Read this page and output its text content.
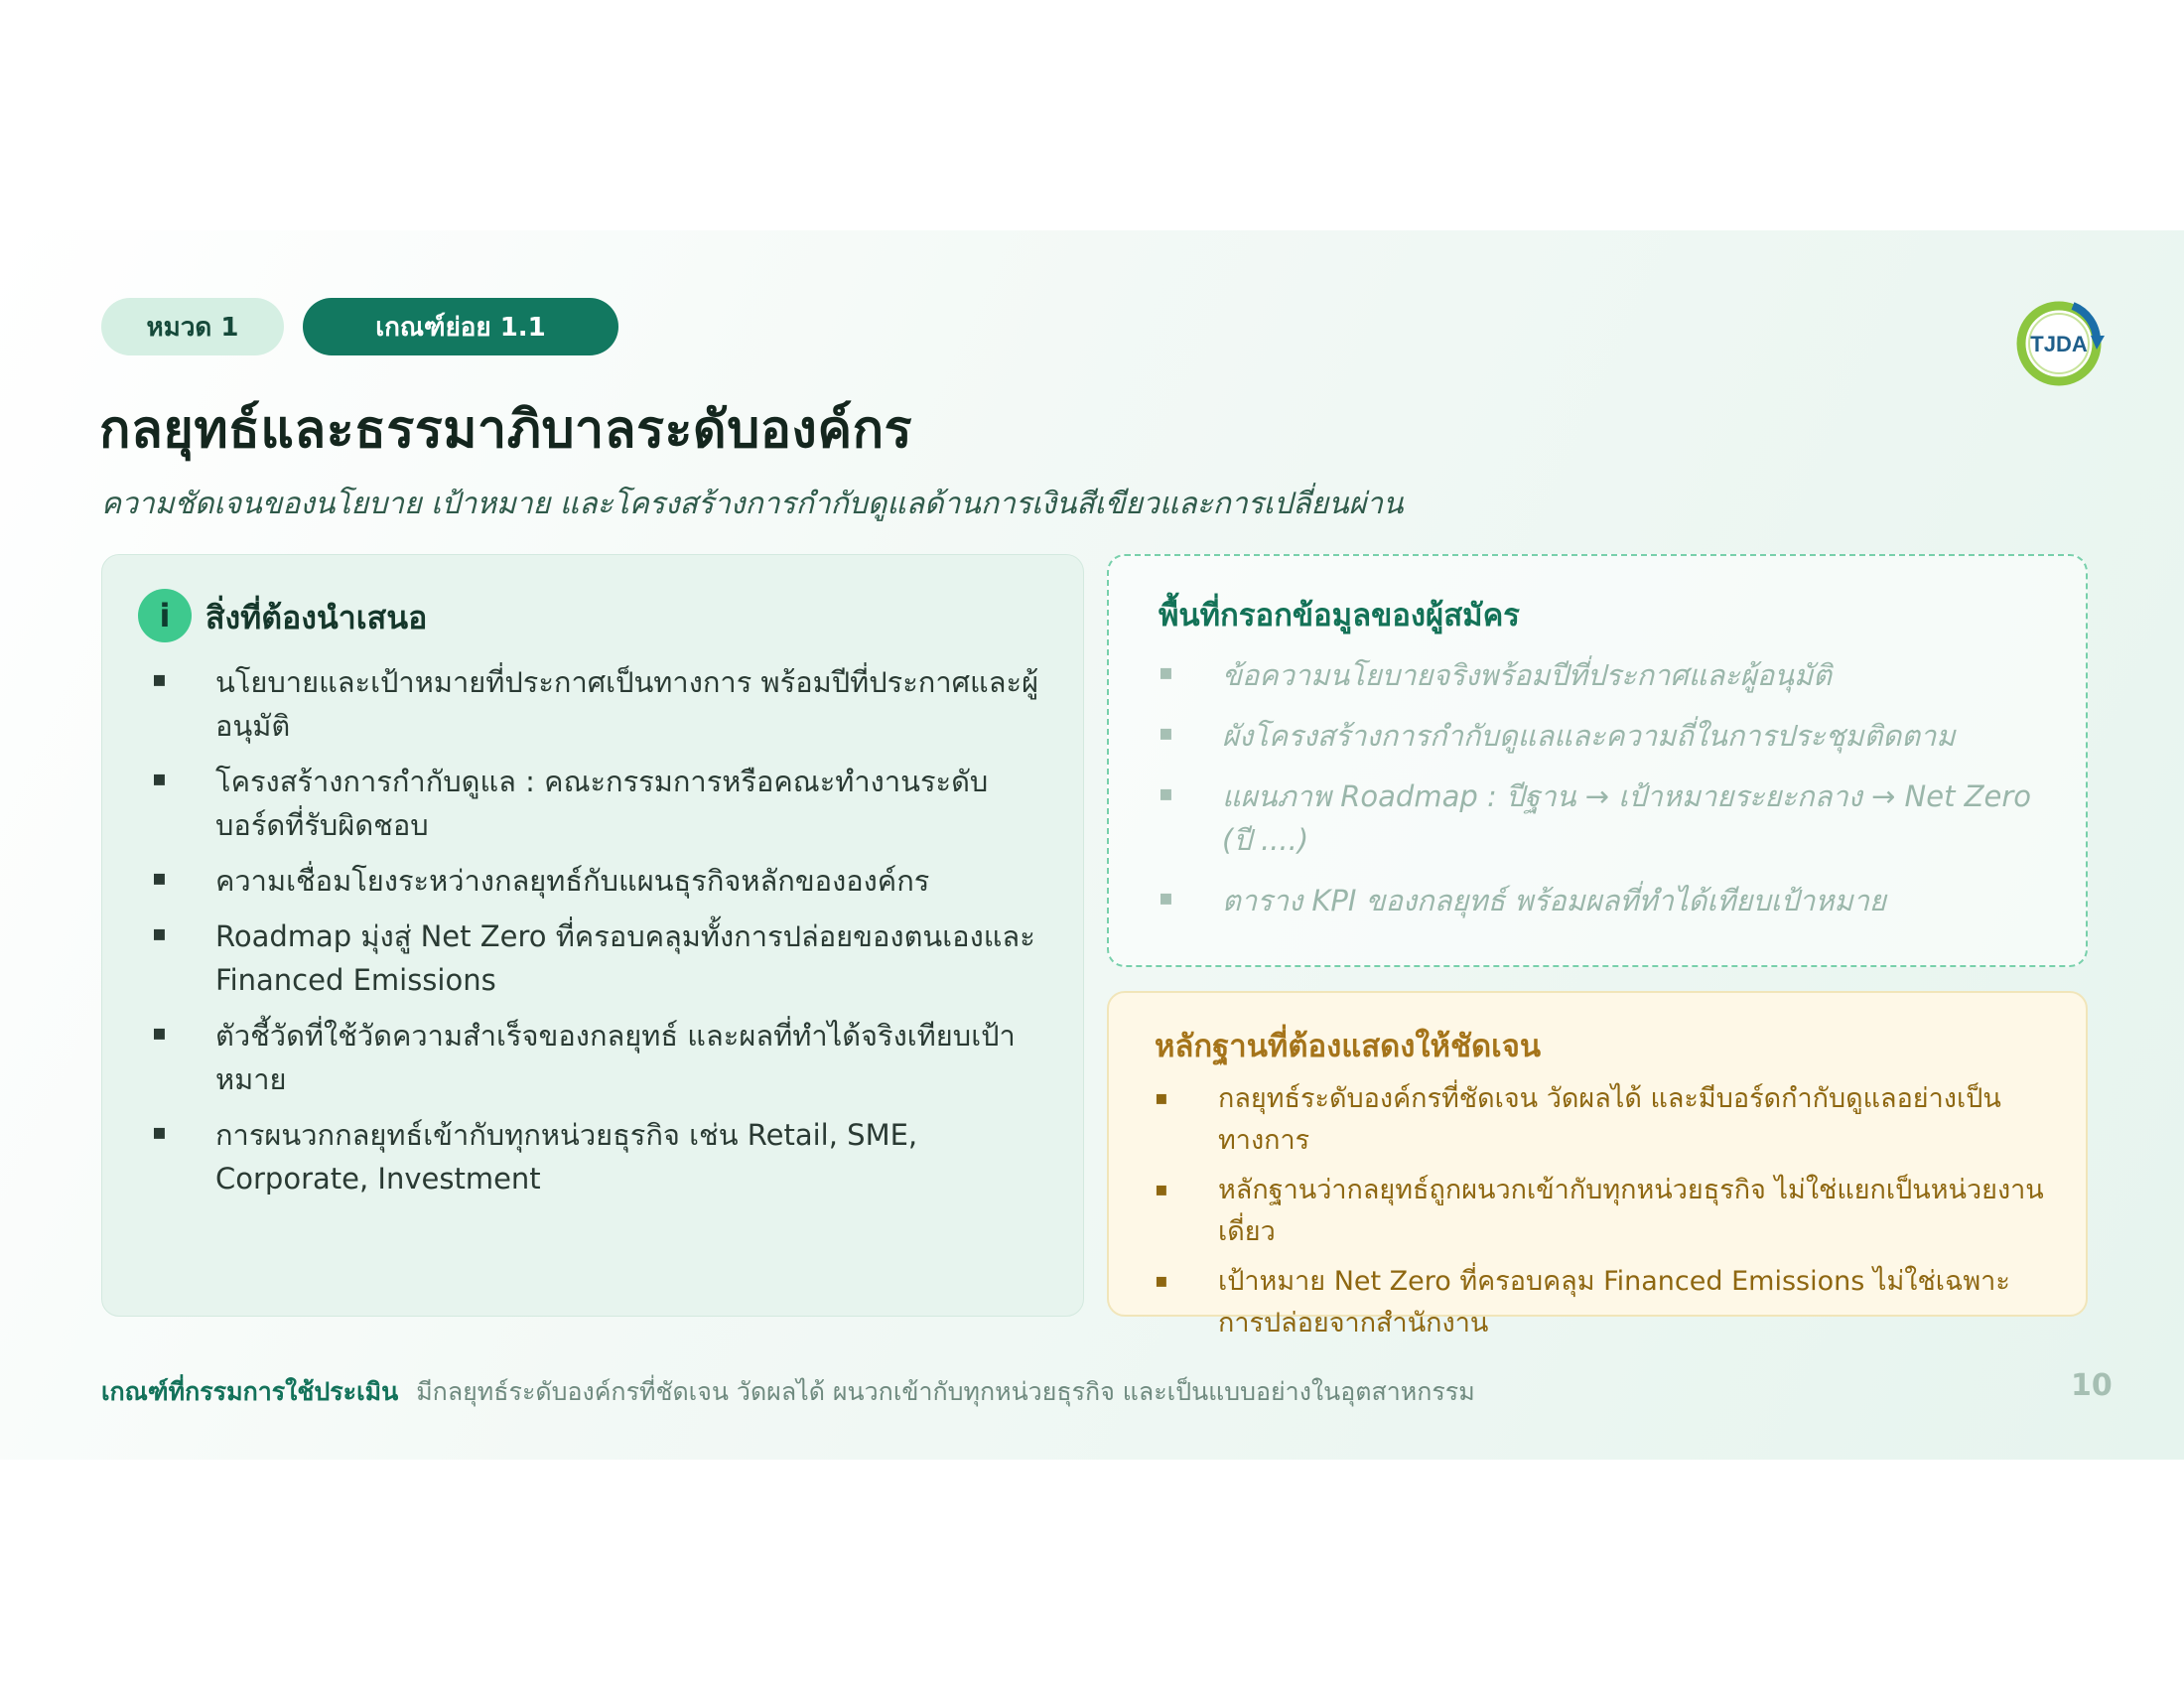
หมวด 1	เกณฑ์ย่อย 1.1
TJDA
กลยุทธ์และธรรมาภิบาลระดับองค์กร

ความชัดเจนของนโยบาย เป้าหมาย และโครงสร้างการกำกับดูแลด้านการเงินสีเขียวและการเปลี่ยนผ่าน

i	สิ่งที่ต้องนำเสนอ
▪ นโยบายและเป้าหมายที่ประกาศเป็นทางการ พร้อมปีที่ประกาศและผู้อนุมัติ
▪ โครงสร้างการกำกับดูแล : คณะกรรมการหรือคณะทำงานระดับบอร์ดที่รับผิดชอบ
▪ ความเชื่อมโยงระหว่างกลยุทธ์กับแผนธุรกิจหลักขององค์กร
▪ Roadmap มุ่งสู่ Net Zero ที่ครอบคลุมทั้งการปล่อยของตนเองและ Financed Emissions
▪ ตัวชี้วัดที่ใช้วัดความสำเร็จของกลยุทธ์ และผลที่ทำได้จริงเทียบเป้าหมาย
▪ การผนวกกลยุทธ์เข้ากับทุกหน่วยธุรกิจ เช่น Retail, SME, Corporate, Investment
พื้นที่กรอกข้อมูลของผู้สมัคร
▪ ข้อความนโยบายจริงพร้อมปีที่ประกาศและผู้อนุมัติ
▪ ผังโครงสร้างการกำกับดูแลและความถี่ในการประชุมติดตาม
▪ แผนภาพ Roadmap : ปีฐาน → เป้าหมายระยะกลาง → Net Zero (ปี ....)
▪ ตาราง KPI ของกลยุทธ์ พร้อมผลที่ทำได้เทียบเป้าหมาย
หลักฐานที่ต้องแสดงให้ชัดเจน
▪ กลยุทธ์ระดับองค์กรที่ชัดเจน วัดผลได้ และมีบอร์ดกำกับดูแลอย่างเป็นทางการ
▪ หลักฐานว่ากลยุทธ์ถูกผนวกเข้ากับทุกหน่วยธุรกิจ ไม่ใช่แยกเป็นหน่วยงานเดี่ยว
▪ เป้าหมาย Net Zero ที่ครอบคลุม Financed Emissions ไม่ใช่เฉพาะการปล่อยจากสำนักงาน
เกณฑ์ที่กรรมการใช้ประเมิน มีกลยุทธ์ระดับองค์กรที่ชัดเจน วัดผลได้ ผนวกเข้ากับทุกหน่วยธุรกิจ และเป็นแบบอย่างในอุตสาหกรรม	10
